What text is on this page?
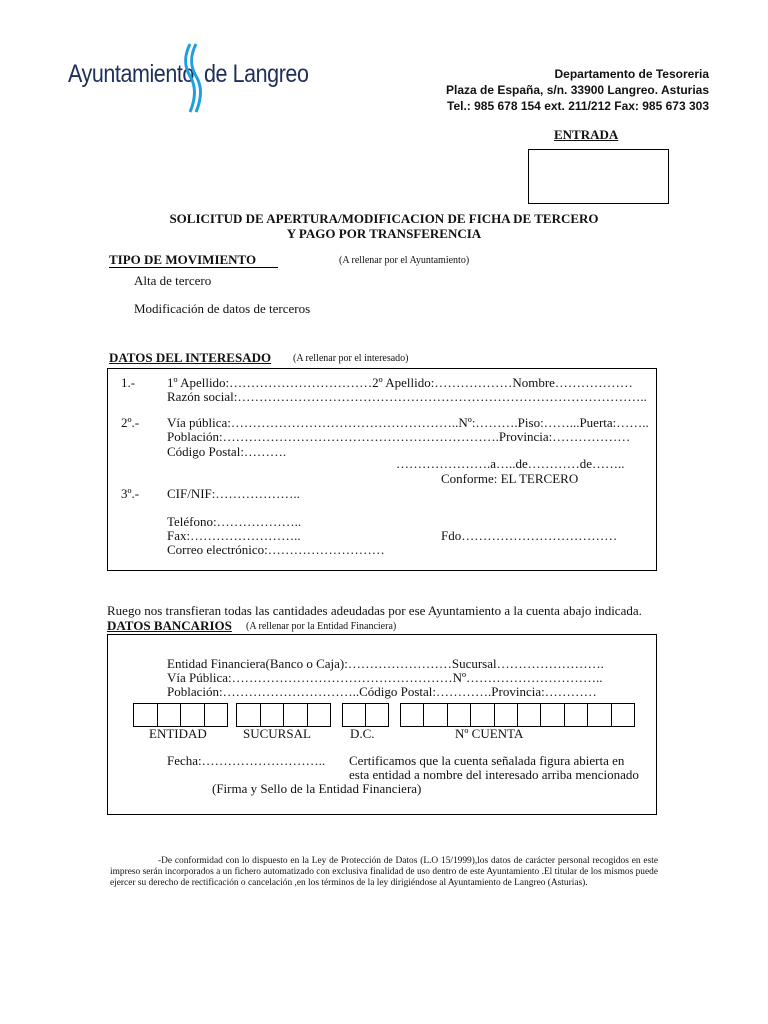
Ayuntamiento de Langreo	Departamento de Tesoreria
Plaza de España, s/n. 33900 Langreo. Asturias
Tel.: 985 678 154 ext. 211/212 Fax: 985 673 303
ENTRADA
SOLICITUD DE APERTURA/MODIFICACION DE FICHA DE TERCERO
Y PAGO POR TRANSFERENCIA
TIPO DE MOVIMIENTO	(A rellenar por el Ayuntamiento)
Alta de tercero
Modificación de datos de terceros
DATOS DEL INTERESADO (A rellenar por el interesado)
1.- 1º Apellido:……………………………2º Apellido:………………Nombre………………
Razón social:…………………………………………………………………………………..
2º.- Vía pública:……………………………………………..Nº:……….Piso:……...Puerta:……..
Población:……………………………………………………….Provincia:………………
Código Postal:……….
………………….a…..de…………de……..
Conforme: EL TERCERO
3º.- CIF/NIF:………………..
Teléfono:………………..
Fax:……………………..	Fdo………………………………
Correo electrónico:………………………
Ruego nos transfieran todas las cantidades adeudadas por ese Ayuntamiento a la cuenta abajo indicada.
DATOS BANCARIOS (A rellenar por la Entidad Financiera)
Entidad Financiera(Banco o Caja):……………………Sucursal…………………….
Vía Pública:……………………………………………Nº…………………………..
Población:…………………………..Código Postal:………….Provincia:…………
ENTIDAD	SUCURSAL	D.C.	Nº CUENTA
Fecha:……………………….. Certificamos que la cuenta señalada figura abierta en
esta entidad a nombre del interesado arriba mencionado
(Firma y Sello de la Entidad Financiera)
-De conformidad con lo dispuesto en la Ley de Protección de Datos (L.O 15/1999),los datos de carácter personal recogidos en este impreso serán incorporados a un fichero automatizado con exclusiva finalidad de uso dentro de este Ayuntamiento .El titular de los mismos puede ejercer su derecho de rectificación o cancelación ,en los términos de la ley dirigiéndose al Ayuntamiento de Langreo (Asturias).
